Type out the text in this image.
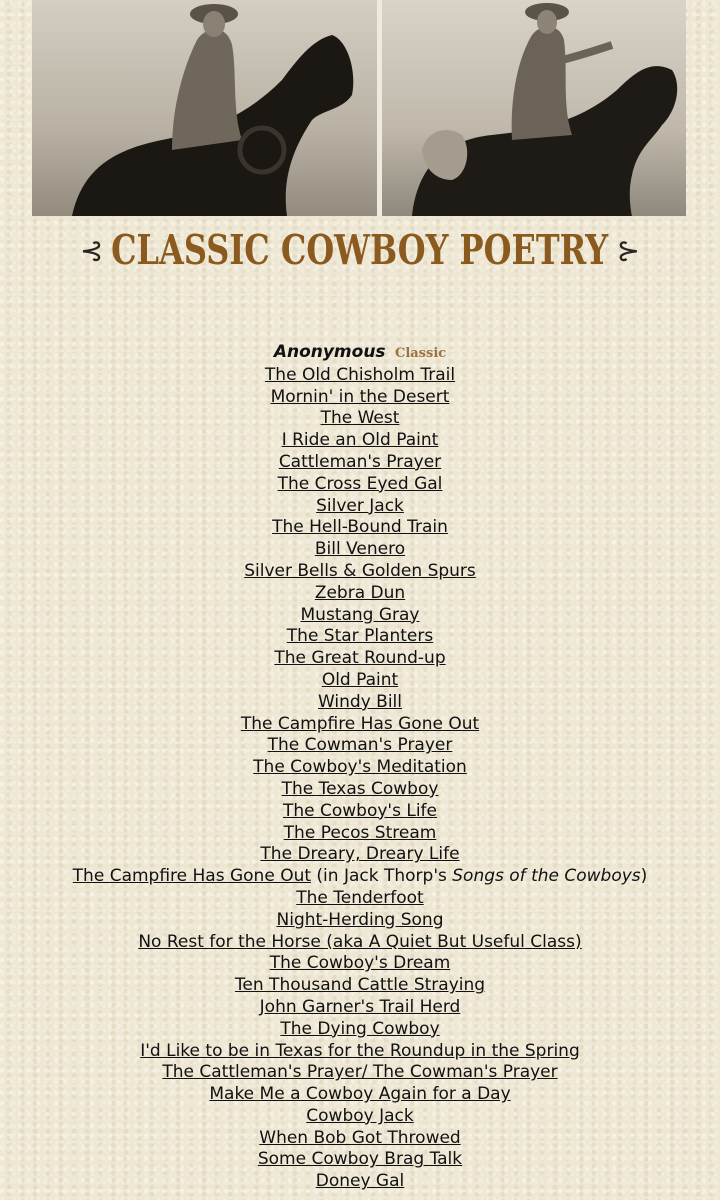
⊰ CLASSIC COWBOY POETRY ⊱
Anonymous Classic
The Old Chisholm Trail
Mornin' in the Desert
The West
I Ride an Old Paint
Cattleman's Prayer
The Cross Eyed Gal
Silver Jack
The Hell-Bound Train
Bill Venero
Silver Bells & Golden Spurs
Zebra Dun
Mustang Gray
The Star Planters
The Great Round-up
Old Paint
Windy Bill
The Campfire Has Gone Out
The Cowman's Prayer
The Cowboy's Meditation
The Texas Cowboy
The Cowboy's Life
The Pecos Stream
The Dreary, Dreary Life
The Campfire Has Gone Out (in Jack Thorp's Songs of the Cowboys)
The Tenderfoot
Night-Herding Song
No Rest for the Horse (aka A Quiet But Useful Class)
The Cowboy's Dream
Ten Thousand Cattle Straying
John Garner's Trail Herd
The Dying Cowboy
I'd Like to be in Texas for the Roundup in the Spring
The Cattleman's Prayer/ The Cowman's Prayer
Make Me a Cowboy Again for a Day
Cowboy Jack
When Bob Got Throwed
Some Cowboy Brag Talk
Doney Gal
